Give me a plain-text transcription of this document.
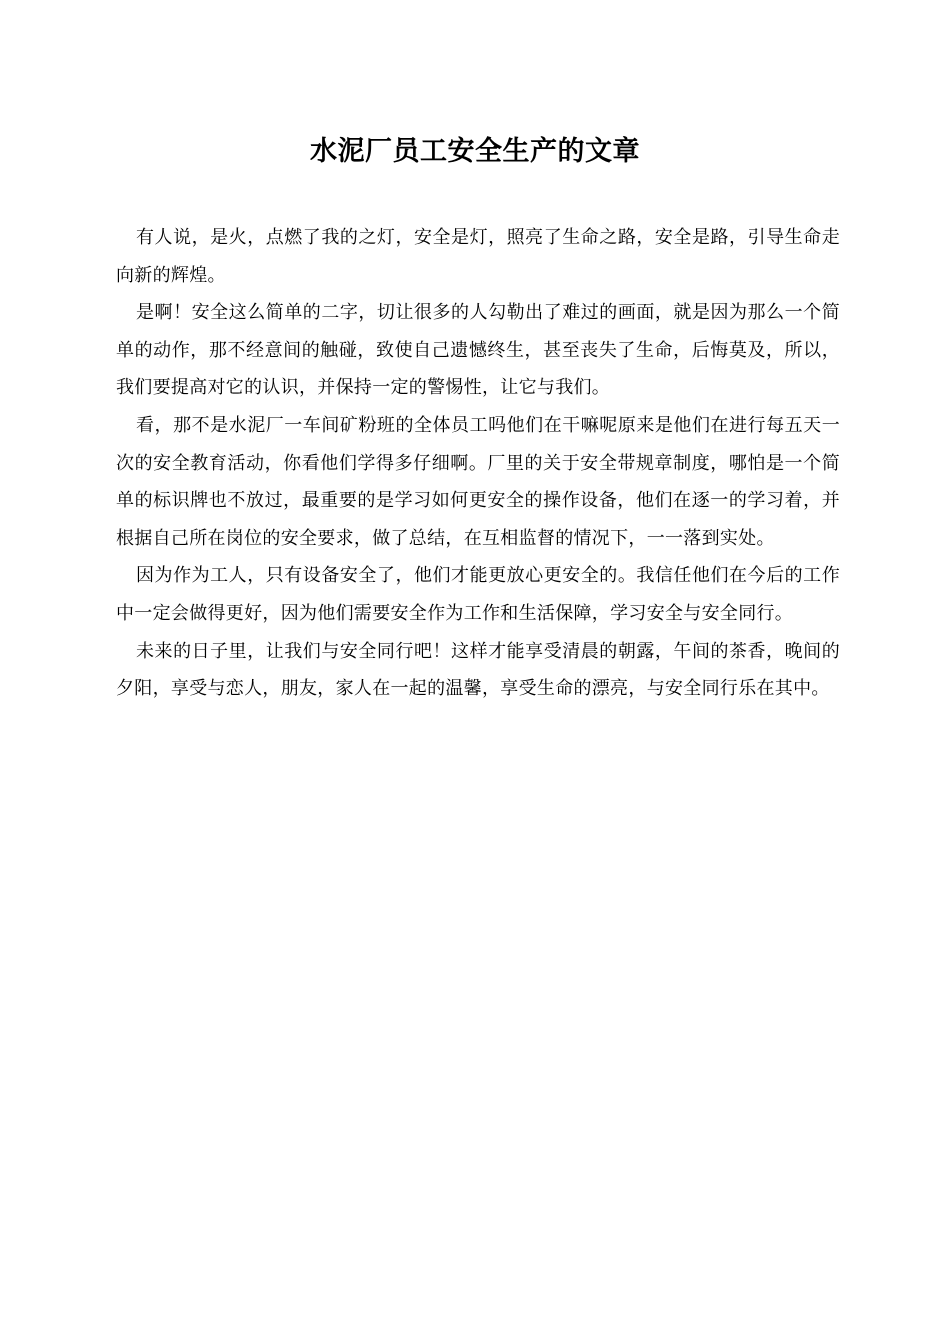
水泥厂员工安全生产的文章

有人说，是火，点燃了我的之灯，安全是灯，照亮了生命之路，安全是路，引导生命走向新的辉煌。

是啊！安全这么简单的二字，切让很多的人勾勒出了难过的画面，就是因为那么一个简单的动作，那不经意间的触碰，致使自己遗憾终生，甚至丧失了生命，后悔莫及，所以，我们要提高对它的认识，并保持一定的警惕性，让它与我们。

看，那不是水泥厂一车间矿粉班的全体员工吗他们在干嘛呢原来是他们在进行每五天一次的安全教育活动，你看他们学得多仔细啊。厂里的关于安全带规章制度，哪怕是一个简单的标识牌也不放过，最重要的是学习如何更安全的操作设备，他们在逐一的学习着，并根据自己所在岗位的安全要求，做了总结，在互相监督的情况下，一一落到实处。

因为作为工人，只有设备安全了，他们才能更放心更安全的。我信任他们在今后的工作中一定会做得更好，因为他们需要安全作为工作和生活保障，学习安全与安全同行。

未来的日子里，让我们与安全同行吧！这样才能享受清晨的朝露，午间的茶香，晚间的夕阳，享受与恋人，朋友，家人在一起的温馨，享受生命的漂亮，与安全同行乐在其中。
